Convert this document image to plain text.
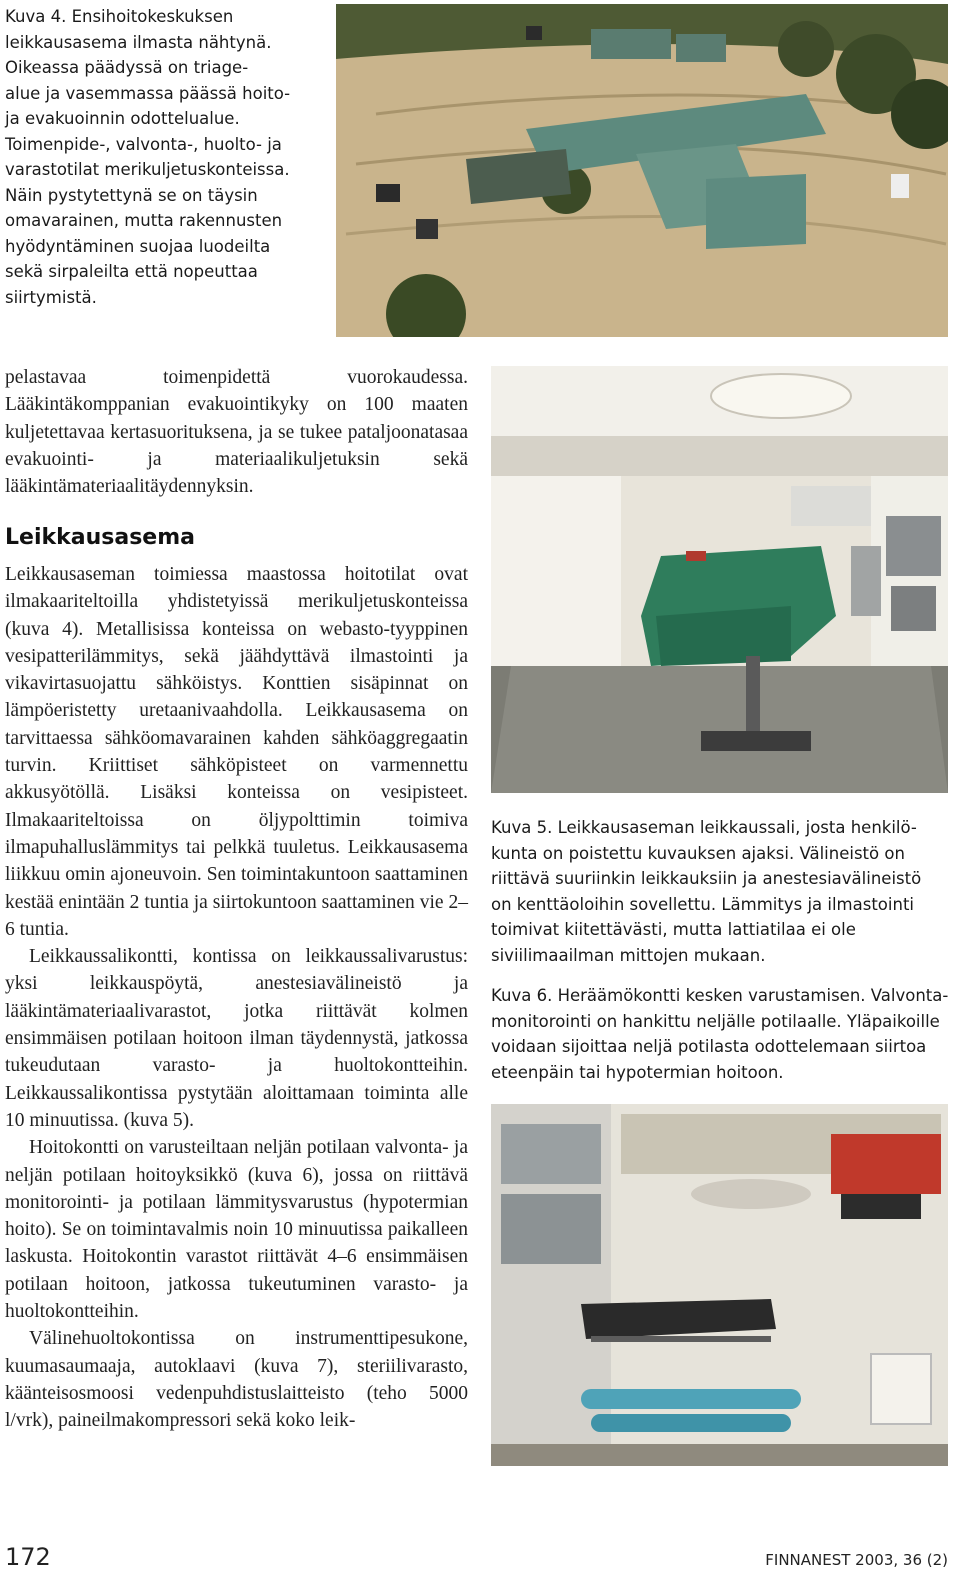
Kuva 4. Ensihoitokeskuksen
leikkausasema ilmasta nähtynä.
Oikeassa päädyssä on triage-
alue ja vasemmassa päässä hoito-
ja evakuoinnin odottelualue.
Toimenpide-, valvonta-, huolto- ja
varastotilat merikuljetuskonteissa.
Näin pystytettynä se on täysin
omavarainen, mutta rakennusten
hyödyntäminen suojaa luodeilta
sekä sirpaleilta että nopeuttaa
siirtymistä.

pelastavaa toimenpidettä vuorokaudessa. Lääkintäkomppanian evakuointikyky on 100 maaten kuljetettavaa kertasuorituksena, ja se tukee pataljoonatasaa evakuointi- ja materiaalikuljetuksin sekä lääkintämateriaalitäydennyksin.

Leikkausasema

Leikkausaseman toimiessa maastossa hoitotilat ovat ilmakaariteltoilla yhdistetyissä merikuljetuskonteissa (kuva 4). Metallisissa konteissa on webasto-tyyppinen vesipatterilämmitys, sekä jäähdyttävä ilmastointi ja vikavirtasuojattu sähköistys. Konttien sisäpinnat on lämpöeristetty uretaanivaahdolla. Leikkausasema on tarvittaessa sähköomavarainen kahden sähköaggregaatin turvin. Kriittiset sähköpisteet on varmennettu akkusyötöllä. Lisäksi konteissa on vesipisteet. Ilmakaariteltoissa on öljypolttimin toimiva ilmapuhalluslämmitys tai pelkkä tuuletus. Leikkausasema liikkuu omin ajoneuvoin. Sen toimintakuntoon saattaminen kestää enintään 2 tuntia ja siirtokuntoon saattaminen vie 2–6 tuntia.

Leikkaussalikontti, kontissa on leikkaussalivarustus: yksi leikkauspöytä, anestesiavälineistö ja lääkintämateriaalivarastot, jotka riittävät kolmen ensimmäisen potilaan hoitoon ilman täydennystä, jatkossa tukeudutaan varasto- ja huoltokontteihin. Leikkaussalikontissa pystytään aloittamaan toiminta alle 10 minuutissa. (kuva 5).

Hoitokontti on varusteiltaan neljän potilaan valvonta- ja neljän potilaan hoitoyksikkö (kuva 6), jossa on riittävä monitorointi- ja potilaan lämmitysvarustus (hypotermian hoito). Se on toimintavalmis noin 10 minuutissa paikalleen laskusta. Hoitokontin varastot riittävät 4–6 ensimmäisen potilaan hoitoon, jatkossa tukeutuminen varasto- ja huoltokontteihin.

Välinehuoltokontissa on instrumenttipesukone, kuumasaumaaja, autoklaavi (kuva 7), steriilivarasto, käänteisosmoosi vedenpuhdistuslaitteisto (teho 5000 l/vrk), paineilmakompressori sekä koko leik-

Kuva 5. Leikkausaseman leikkaussali, josta henkilö-
kunta on poistettu kuvauksen ajaksi. Välineistö on
riittävä suuriinkin leikkauksiin ja anestesiavälineistö
on kenttäoloihin sovellettu. Lämmitys ja ilmastointi
toimivat kiitettävästi, mutta lattiatilaa ei ole
siviilimaailman mittojen mukaan.
Kuva 6. Heräämökontti kesken varustamisen. Valvonta-
monitorointi on hankittu neljälle potilaalle. Yläpaikoille
voidaan sijoittaa neljä potilasta odottelemaan siirtoa
eteenpäin tai hypotermian hoitoon.
172	FINNANEST 2003, 36 (2)
